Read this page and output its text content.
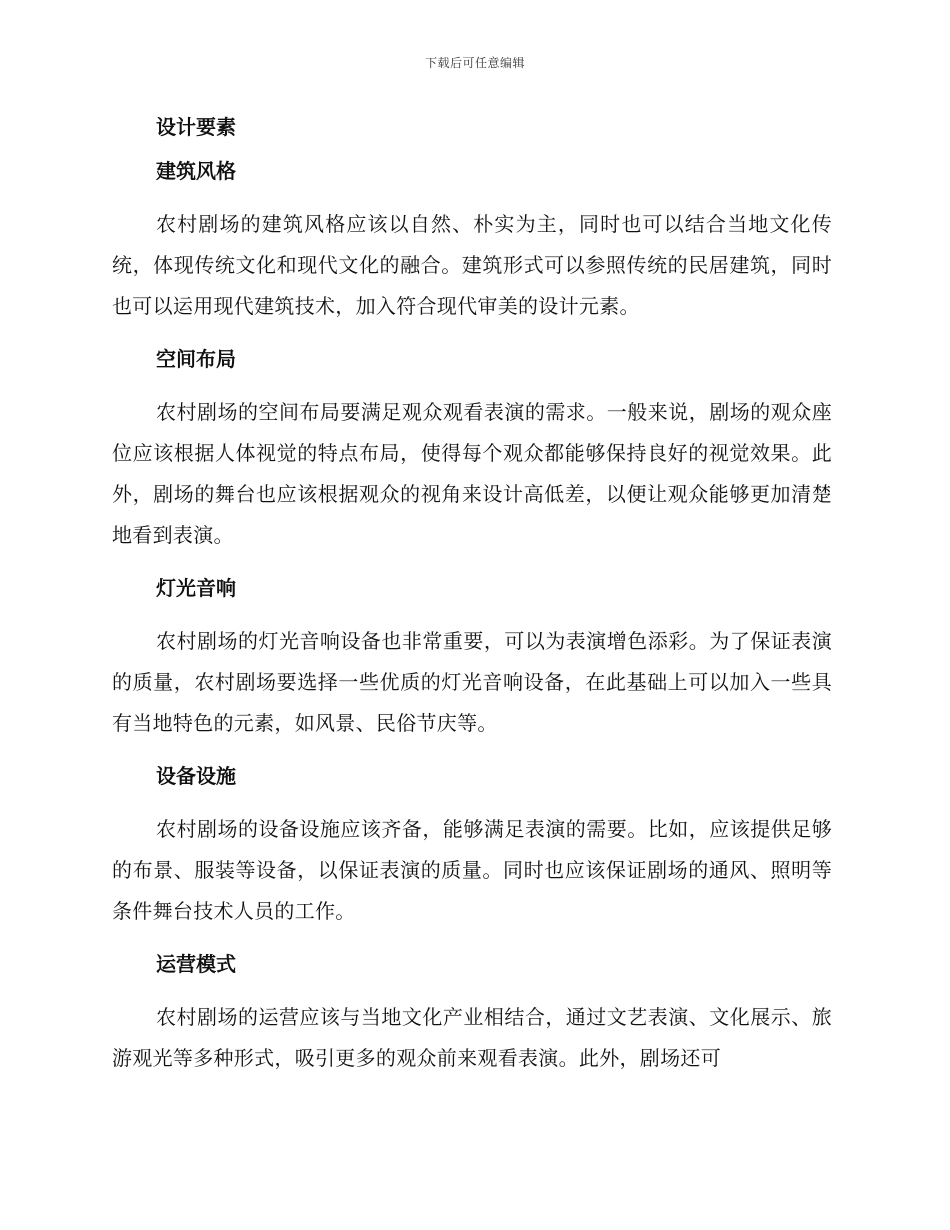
下载后可任意编辑
设计要素
建筑风格

农村剧场的建筑风格应该以自然、朴实为主，同时也可以结合当地文化传统，体现传统文化和现代文化的融合。建筑形式可以参照传统的民居建筑，同时也可以运用现代建筑技术，加入符合现代审美的设计元素。

空间布局

农村剧场的空间布局要满足观众观看表演的需求。一般来说，剧场的观众座位应该根据人体视觉的特点布局，使得每个观众都能够保持良好的视觉效果。此外，剧场的舞台也应该根据观众的视角来设计高低差，以便让观众能够更加清楚地看到表演。

灯光音响

农村剧场的灯光音响设备也非常重要，可以为表演增色添彩。为了保证表演的质量，农村剧场要选择一些优质的灯光音响设备，在此基础上可以加入一些具有当地特色的元素，如风景、民俗节庆等。

设备设施

农村剧场的设备设施应该齐备，能够满足表演的需要。比如，应该提供足够的布景、服装等设备，以保证表演的质量。同时也应该保证剧场的通风、照明等条件舞台技术人员的工作。

运营模式

农村剧场的运营应该与当地文化产业相结合，通过文艺表演、文化展示、旅游观光等多种形式，吸引更多的观众前来观看表演。此外，剧场还可
